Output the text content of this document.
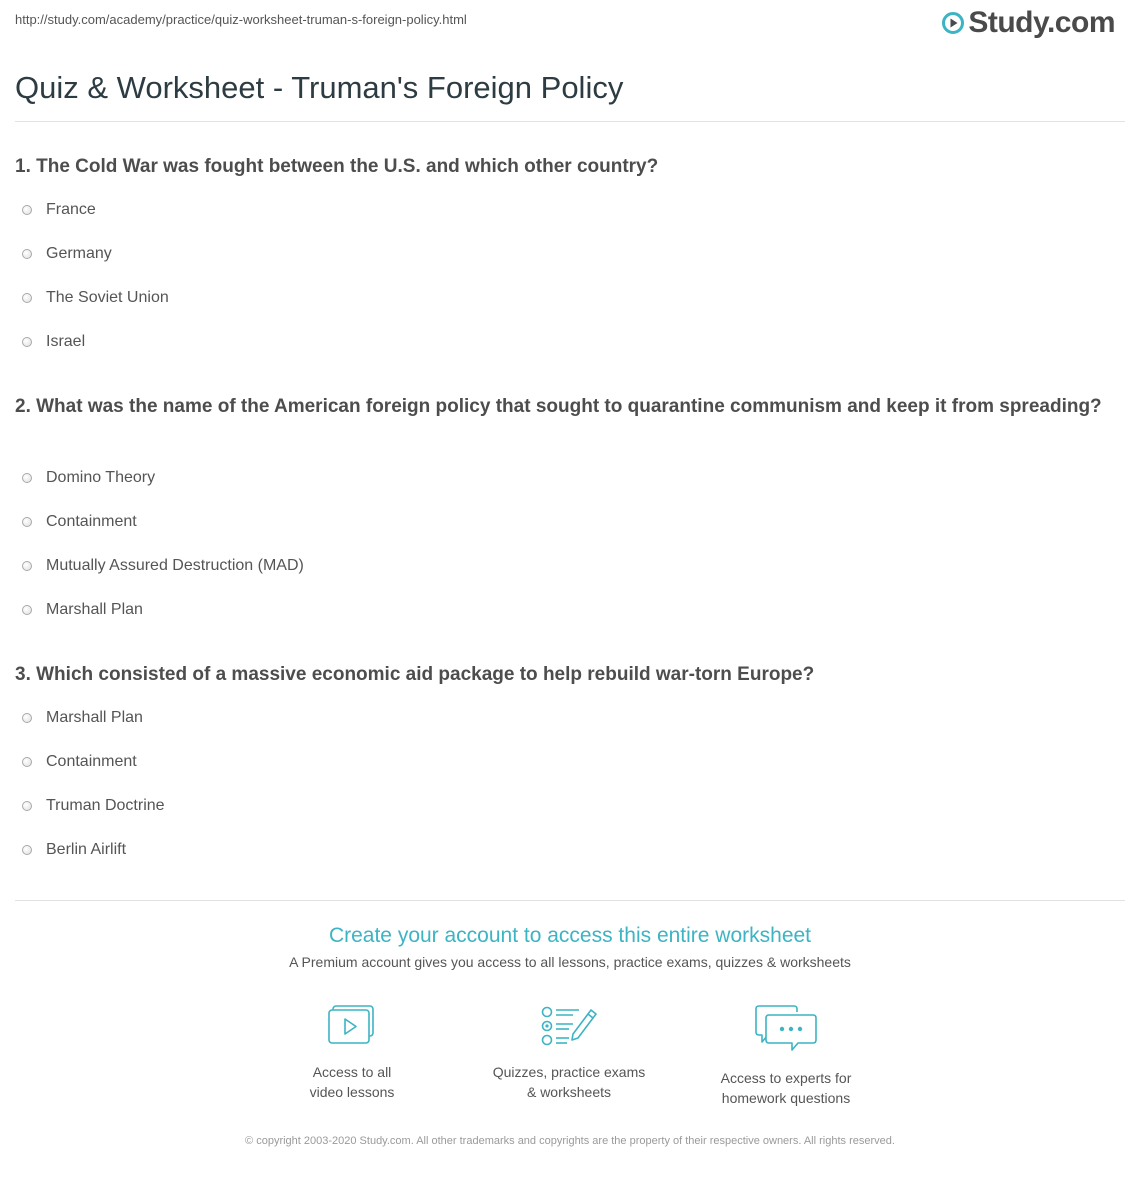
http://study.com/academy/practice/quiz-worksheet-truman-s-foreign-policy.html	Study.com
Quiz & Worksheet - Truman's Foreign Policy
1. The Cold War was fought between the U.S. and which other country?
France
Germany
The Soviet Union
Israel
2. What was the name of the American foreign policy that sought to quarantine communism and keep it from spreading?
Domino Theory
Containment
Mutually Assured Destruction (MAD)
Marshall Plan
3. Which consisted of a massive economic aid package to help rebuild war-torn Europe?
Marshall Plan
Containment
Truman Doctrine
Berlin Airlift
Create your account to access this entire worksheet
A Premium account gives you access to all lessons, practice exams, quizzes & worksheets
Access to all
video lessons
Quizzes, practice exams
& worksheets
Access to experts for
homework questions
© copyright 2003-2020 Study.com. All other trademarks and copyrights are the property of their respective owners. All rights reserved.
